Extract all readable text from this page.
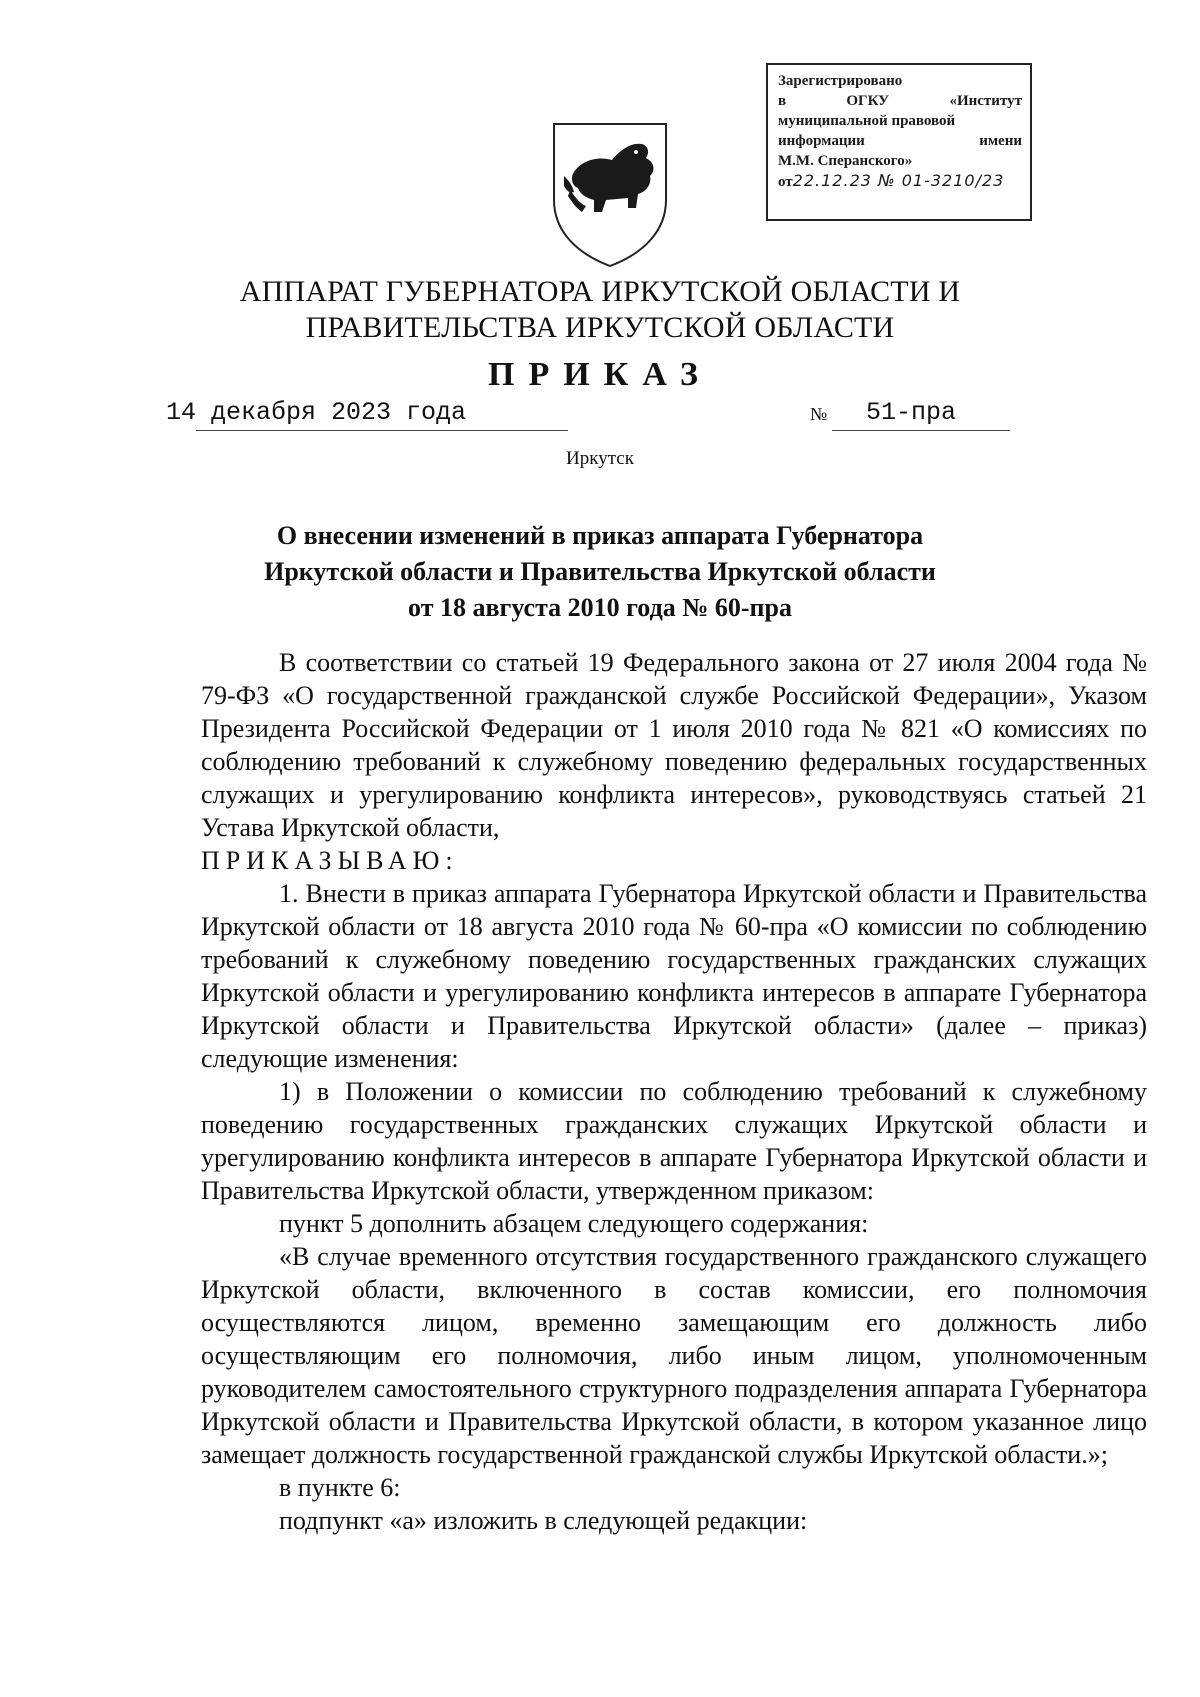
Зарегистрировано
в	ОГКУ	«Институт
муниципальной правовой
информации	имени
М.М. Сперанского»
от22.12.23 № 01-3210/23
АППАРАТ ГУБЕРНАТОРА ИРКУТСКОЙ ОБЛАСТИ И
ПРАВИТЕЛЬСТВА ИРКУТСКОЙ ОБЛАСТИ
ПРИКАЗ
14 декабря 2023 года	№ 51-пра
Иркутск
О внесении изменений в приказ аппарата Губернатора
Иркутской области и Правительства Иркутской области
от 18 августа 2010 года № 60-пра

В соответствии со статьей 19 Федерального закона от 27 июля 2004 года № 79-ФЗ «О государственной гражданской службе Российской Федерации», Указом Президента Российской Федерации от 1 июля 2010 года № 821 «О комиссиях по соблюдению требований к служебному поведению федеральных государственных служащих и урегулированию конфликта интересов», руководствуясь статьей 21 Устава Иркутской области,

ПРИКАЗЫВАЮ:

1. Внести в приказ аппарата Губернатора Иркутской области и Правительства Иркутской области от 18 августа 2010 года № 60-пра «О комиссии по соблюдению требований к служебному поведению государственных гражданских служащих Иркутской области и урегулированию конфликта интересов в аппарате Губернатора Иркутской области и Правительства Иркутской области» (далее – приказ) следующие изменения:

1) в Положении о комиссии по соблюдению требований к служебному поведению государственных гражданских служащих Иркутской области и урегулированию конфликта интересов в аппарате Губернатора Иркутской области и Правительства Иркутской области, утвержденном приказом:

пункт 5 дополнить абзацем следующего содержания:

«В случае временного отсутствия государственного гражданского служащего Иркутской области, включенного в состав комиссии, его полномочия осуществляются лицом, временно замещающим его должность либо осуществляющим его полномочия, либо иным лицом, уполномоченным руководителем самостоятельного структурного подразделения аппарата Губернатора Иркутской области и Правительства Иркутской области, в котором указанное лицо замещает должность государственной гражданской службы Иркутской области.»;

в пункте 6:

подпункт «а» изложить в следующей редакции:
